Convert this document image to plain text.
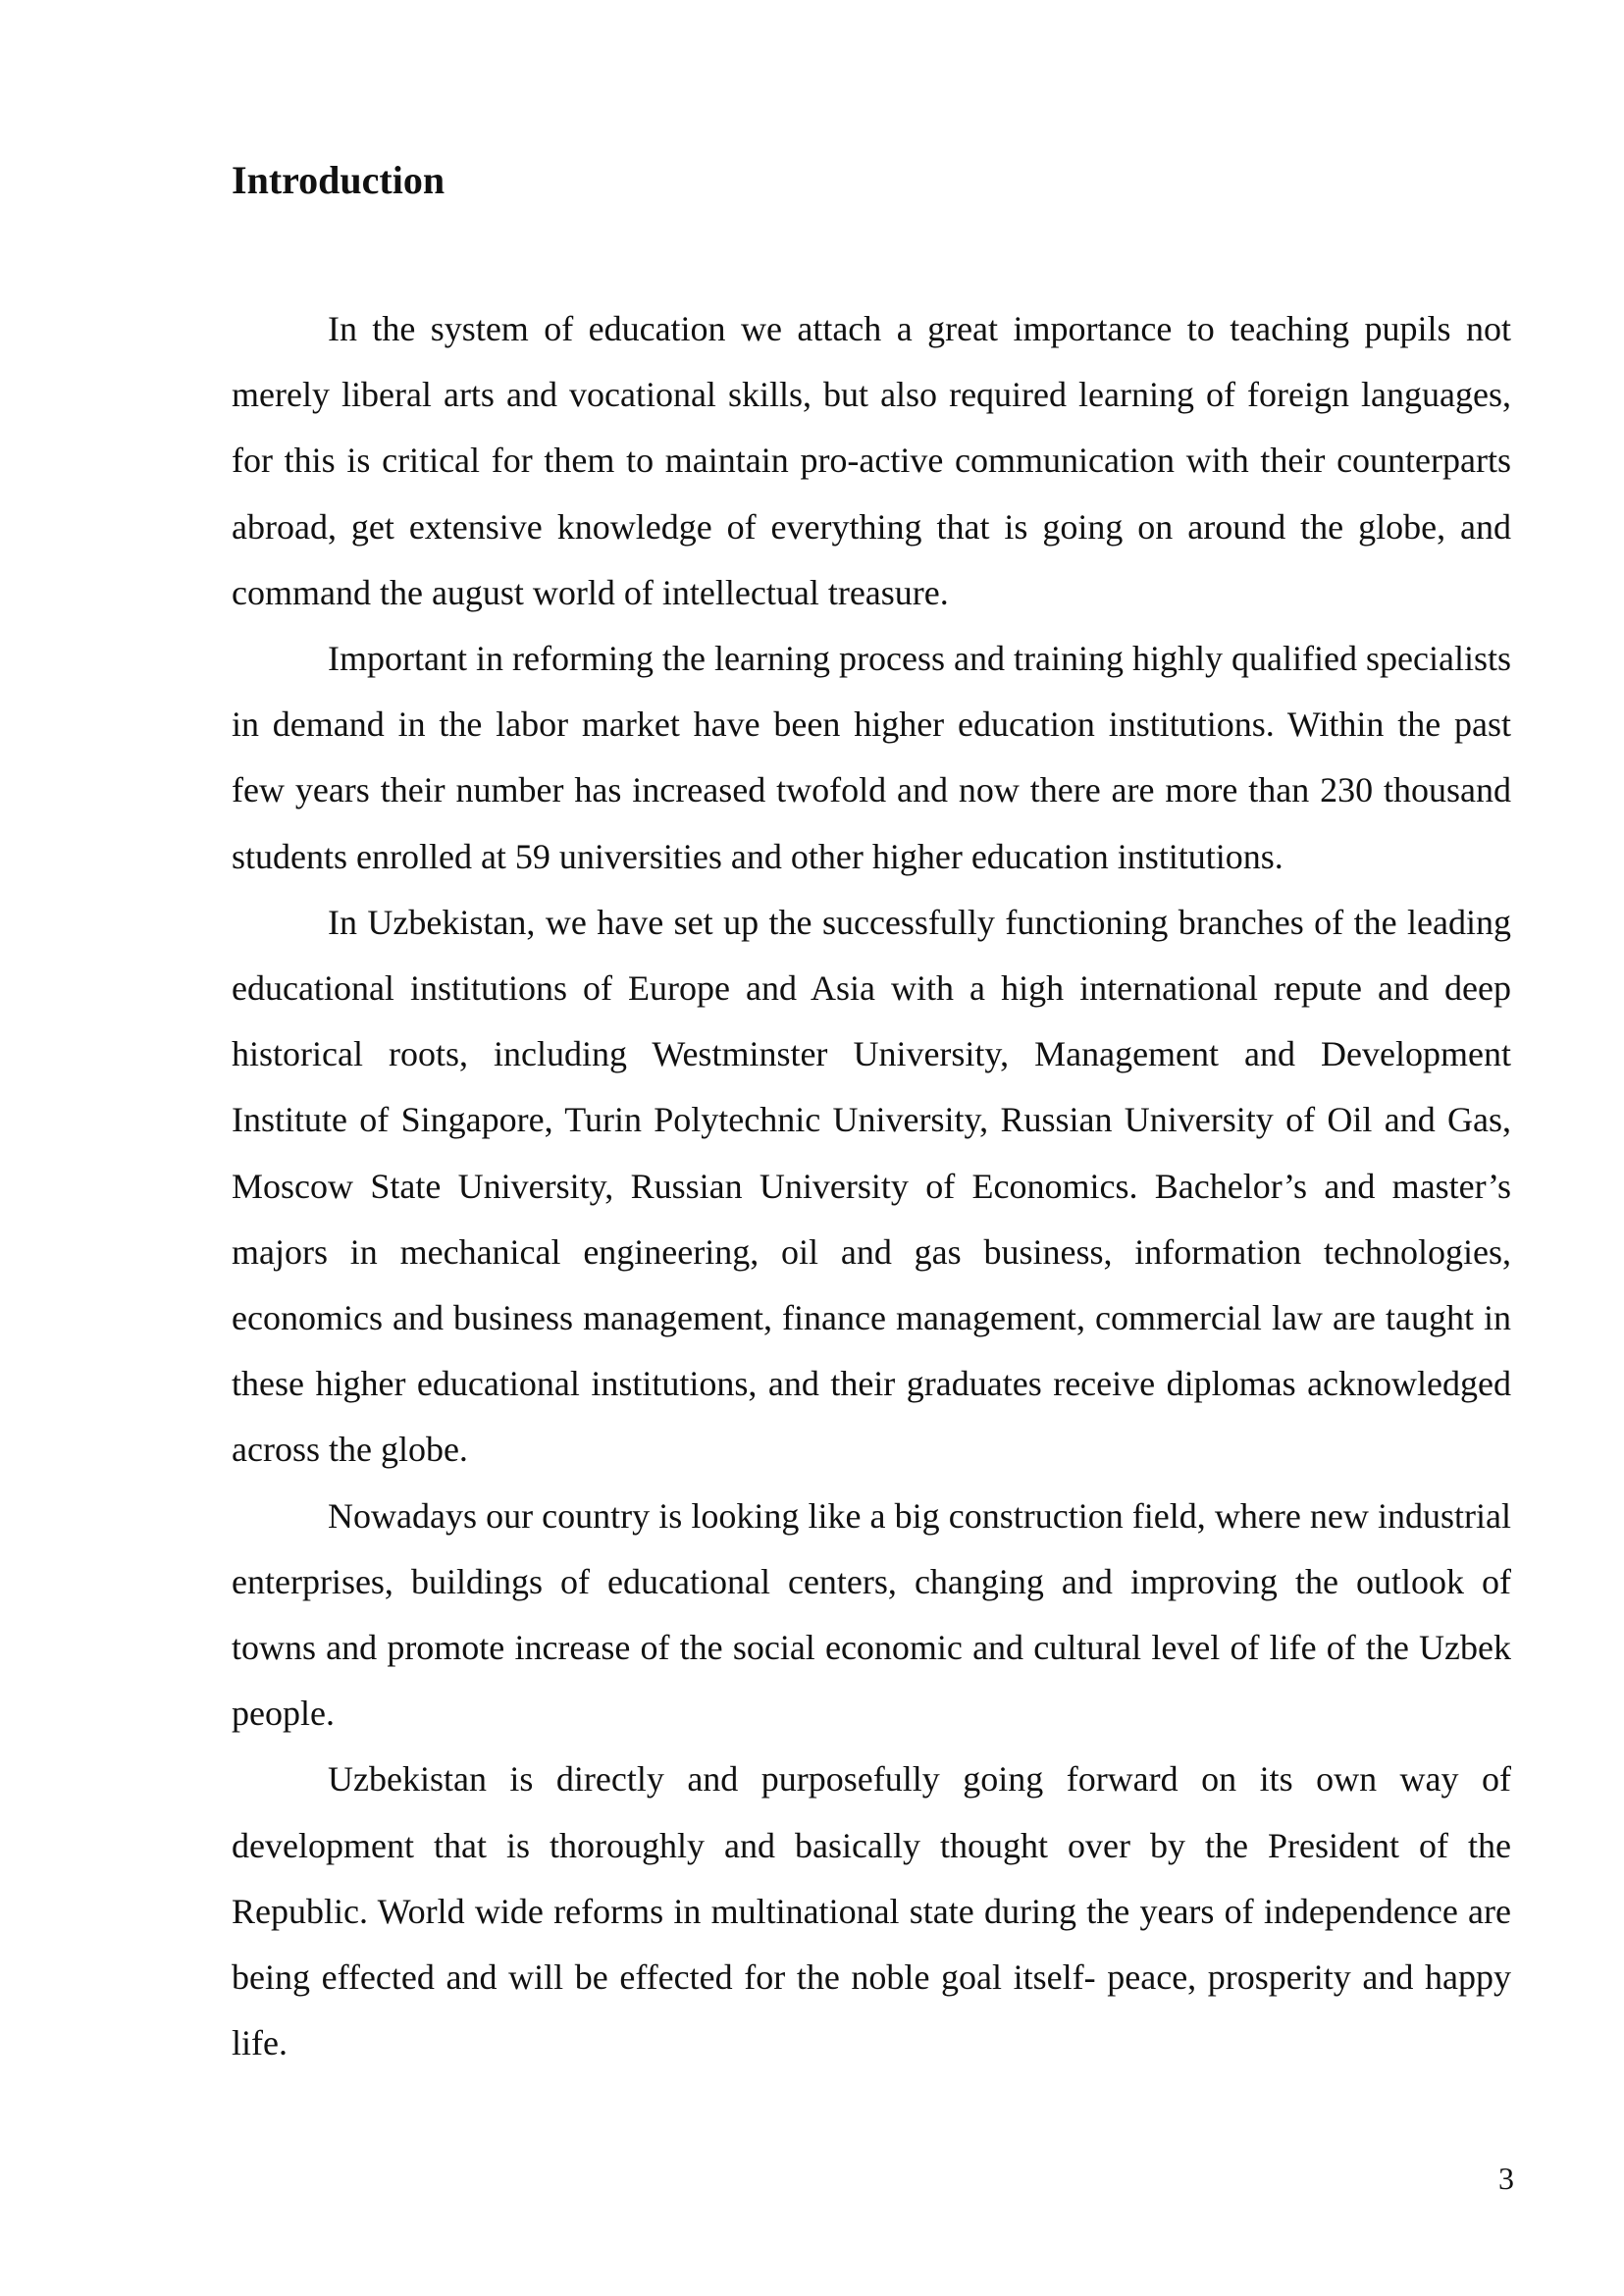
Introduction

In the system of education we attach a great importance to teaching pupils not merely liberal arts and vocational skills, but also required learning of foreign languages, for this is critical for them to maintain pro-active communication with their counterparts abroad, get extensive knowledge of everything that is going on around the globe, and command the august world of intellectual treasure.

Important in reforming the learning process and training highly qualified specialists in demand in the labor market have been higher education institutions. Within the past few years their number has increased twofold and now there are more than 230 thousand students enrolled at 59 universities and other higher education institutions.

In Uzbekistan, we have set up the successfully functioning branches of the leading educational institutions of Europe and Asia with a high international repute and deep historical roots, including Westminster University, Management and Development Institute of Singapore, Turin Polytechnic University, Russian University of Oil and Gas, Moscow State University, Russian University of Economics. Bachelor’s and master’s majors in mechanical engineering, oil and gas business, information technologies, economics and business management, finance management, commercial law are taught in these higher educational institutions, and their graduates receive diplomas acknowledged across the globe.

Nowadays our country is looking like a big construction field, where new industrial enterprises, buildings of educational centers, changing and improving the outlook of towns and promote increase of the social economic and cultural level of life of the Uzbek people.

Uzbekistan is directly and purposefully going forward on its own way of development that is thoroughly and basically thought over by the President of the Republic. World wide reforms in multinational state during the years of independence are being effected and will be effected for the noble goal itself- peace, prosperity and happy life.

3
